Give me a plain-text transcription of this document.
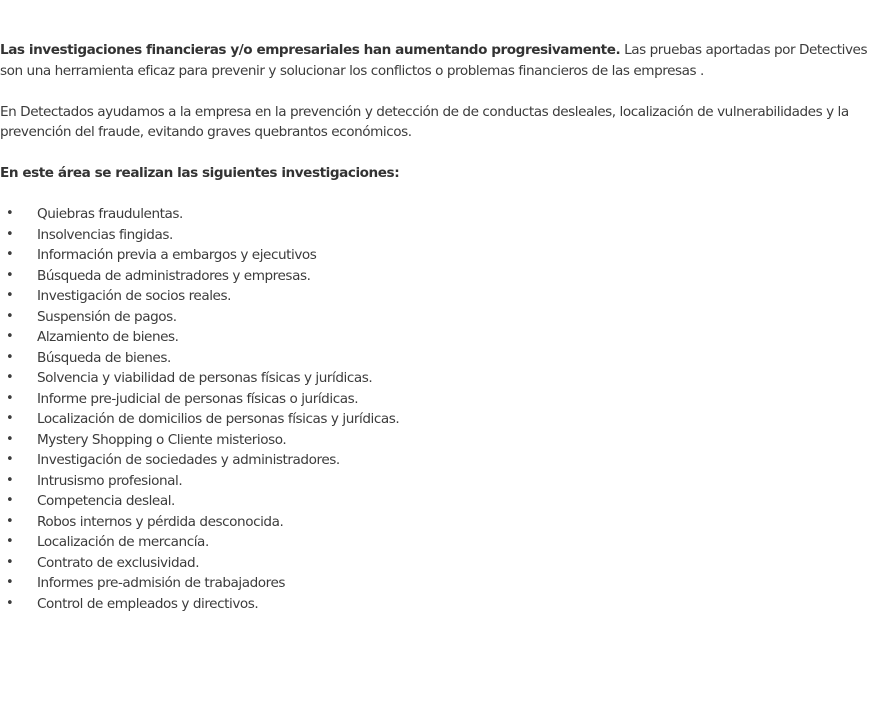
Las investigaciones financieras y/o empresariales han aumentando progresivamente. Las pruebas aportadas por Detectives son una herramienta eficaz para prevenir y solucionar los conflictos o problemas financieros de las empresas .

En Detectados ayudamos a la empresa en la prevención y detección de de conductas desleales, localización de vulnerabilidades y la prevención del fraude, evitando graves quebrantos económicos.

En este área se realizan las siguientes investigaciones:

• Quiebras fraudulentas.
• Insolvencias fingidas.
• Información previa a embargos y ejecutivos
• Búsqueda de administradores y empresas.
• Investigación de socios reales.
• Suspensión de pagos.
• Alzamiento de bienes.
• Búsqueda de bienes.
• Solvencia y viabilidad de personas físicas y jurídicas.
• Informe pre-judicial de personas físicas o jurídicas.
• Localización de domicilios de personas físicas y jurídicas.
• Mystery Shopping o Cliente misterioso.
• Investigación de sociedades y administradores.
• Intrusismo profesional.
• Competencia desleal.
• Robos internos y pérdida desconocida.
• Localización de mercancía.
• Contrato de exclusividad.
• Informes pre-admisión de trabajadores
• Control de empleados y directivos.
